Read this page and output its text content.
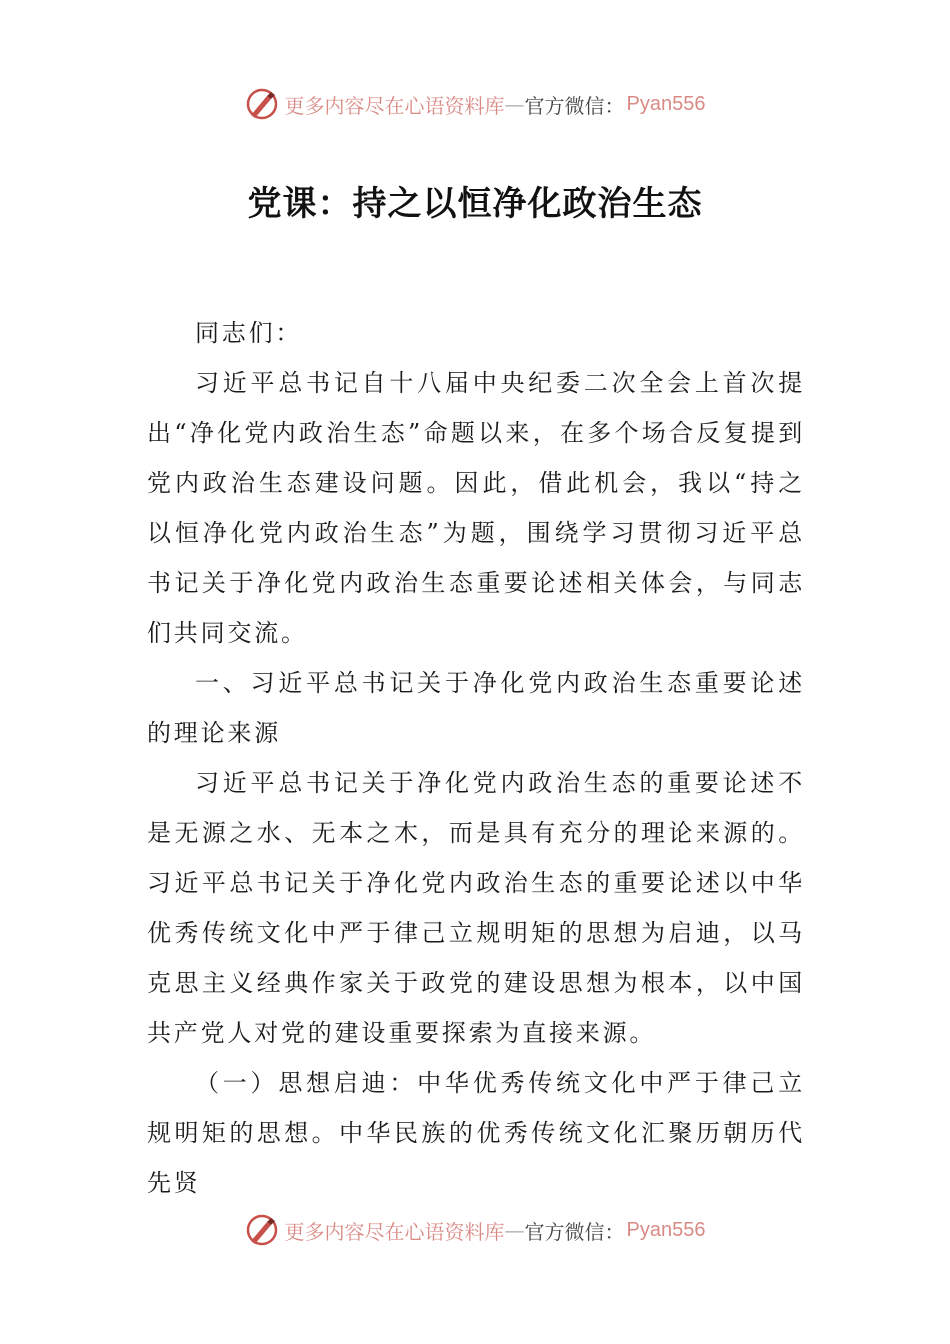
更多内容尽在心语资料库 — 官方微信： Pyan556
党课：持之以恒净化政治生态

同志们：

习近平总书记自十八届中央纪委二次全会上首次提出“净化党内政治生态”命题以来，在多个场合反复提到党内政治生态建设问题。因此，借此机会，我以“持之以恒净化党内政治生态”为题，围绕学习贯彻习近平总书记关于净化党内政治生态重要论述相关体会，与同志们共同交流。

一、习近平总书记关于净化党内政治生态重要论述的理论来源

习近平总书记关于净化党内政治生态的重要论述不是无源之水、无本之木，而是具有充分的理论来源的。习近平总书记关于净化党内政治生态的重要论述以中华优秀传统文化中严于律己立规明矩的思想为启迪，以马克思主义经典作家关于政党的建设思想为根本，以中国共产党人对党的建设重要探索为直接来源。

（一）思想启迪：中华优秀传统文化中严于律己立规明矩的思想。中华民族的优秀传统文化汇聚历朝历代先贤

更多内容尽在心语资料库 — 官方微信： Pyan556
